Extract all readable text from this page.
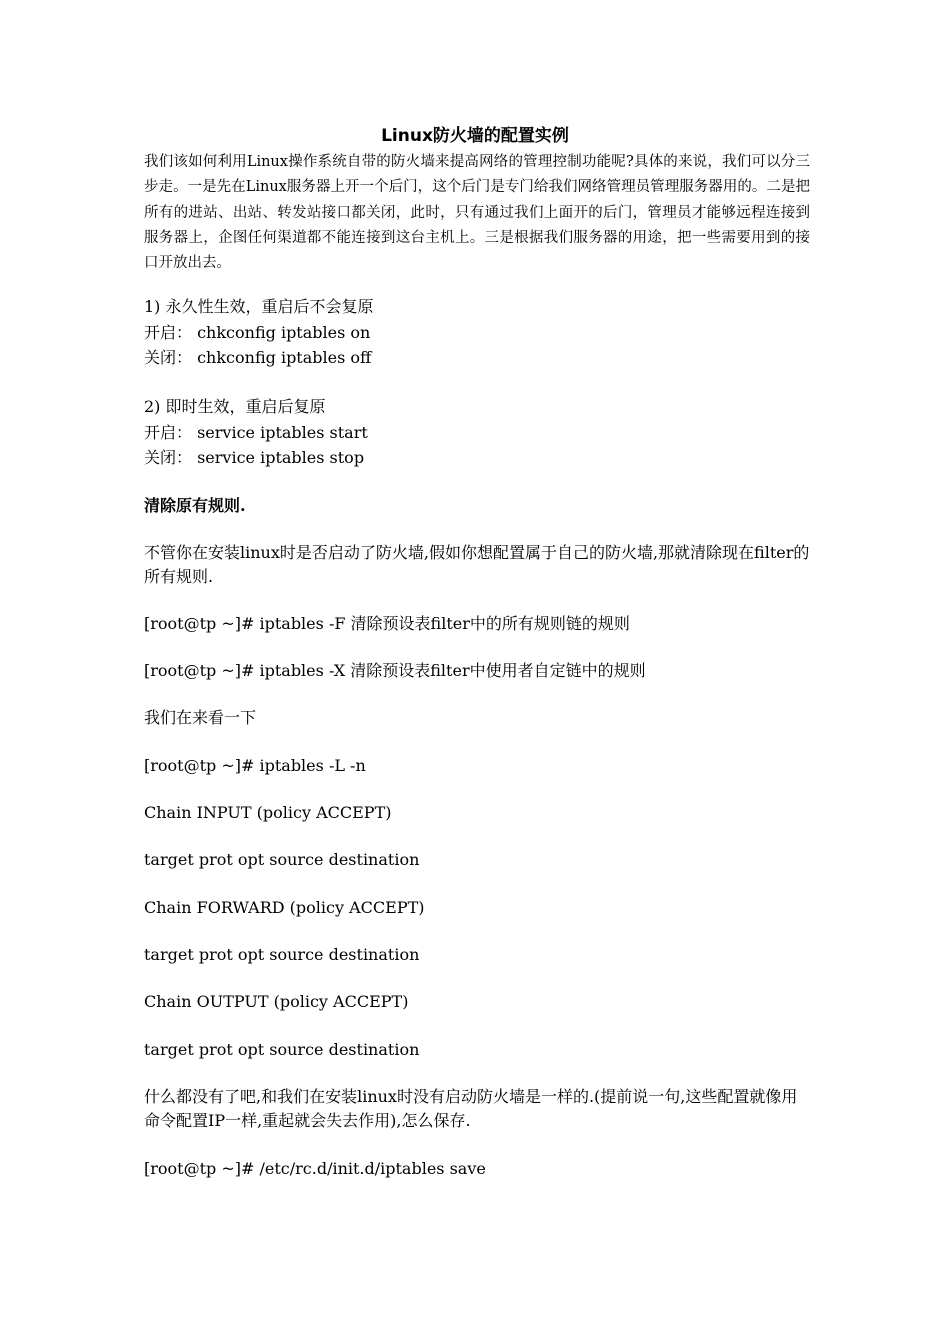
Linux防火墙的配置实例
我们该如何利用Linux操作系统自带的防火墙来提高网络的管理控制功能呢?具体的来说，我们可以分三步走。一是先在Linux服务器上开一个后门，这个后门是专门给我们网络管理员管理服务器用的。二是把所有的进站、出站、转发站接口都关闭，此时，只有通过我们上面开的后门，管理员才能够远程连接到服务器上，企图任何渠道都不能连接到这台主机上。三是根据我们服务器的用途，把一些需要用到的接口开放出去。
1) 永久性生效，重启后不会复原
开启： chkconfig iptables on
关闭： chkconfig iptables off
2) 即时生效，重启后复原
开启： service iptables start
关闭： service iptables stop
清除原有规则.
不管你在安装linux时是否启动了防火墙,假如你想配置属于自己的防火墙,那就清除现在filter的所有规则.
[root@tp ~]# iptables -F 清除预设表filter中的所有规则链的规则
[root@tp ~]# iptables -X 清除预设表filter中使用者自定链中的规则
我们在来看一下
[root@tp ~]# iptables -L -n
Chain INPUT (policy ACCEPT)
target prot opt source destination
Chain FORWARD (policy ACCEPT)
target prot opt source destination
Chain OUTPUT (policy ACCEPT)
target prot opt source destination
什么都没有了吧,和我们在安装linux时没有启动防火墙是一样的.(提前说一句,这些配置就像用命令配置IP一样,重起就会失去作用),怎么保存.
[root@tp ~]# /etc/rc.d/init.d/iptables save
